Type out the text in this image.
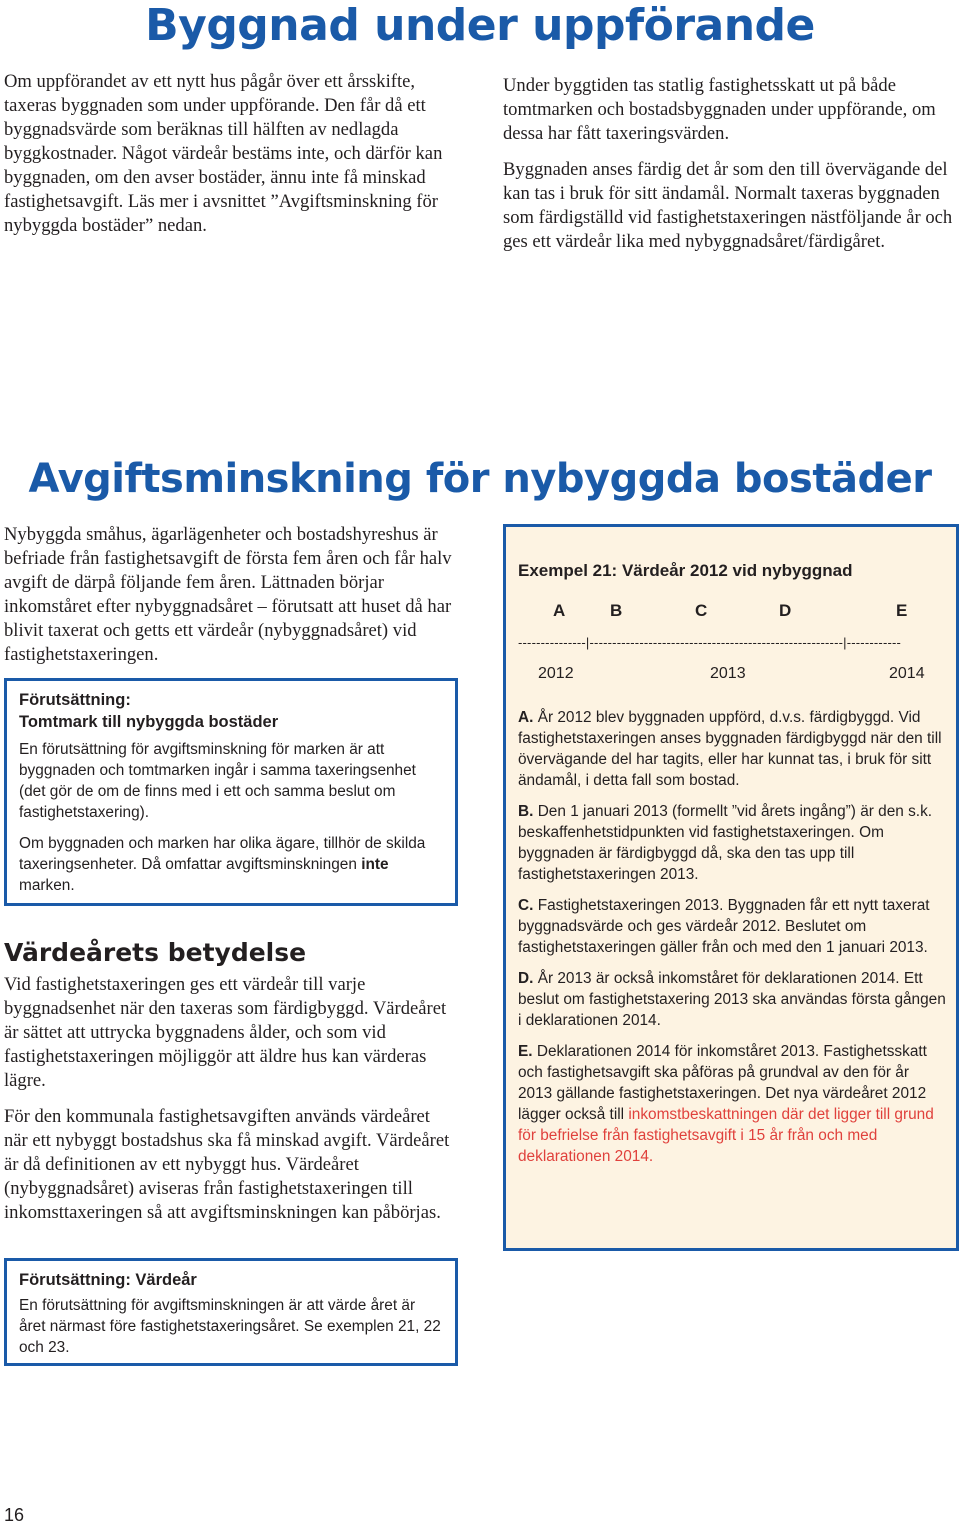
Byggnad under uppförande

Om uppförandet av ett nytt hus pågår över ett årsskifte, taxeras byggnaden som under uppförande. Den får då ett byggnadsvärde som beräknas till hälften av nedlagda byggkostnader. Något värdeår bestäms inte, och därför kan byggnaden, om den avser bostäder, ännu inte få minskad fastighetsavgift. Läs mer i avsnittet ”Avgiftsminskning för nybyggda bostäder” nedan.

Under byggtiden tas statlig fastighetsskatt ut på både tomtmarken och bostadsbyggnaden under uppförande, om dessa har fått taxeringsvärden.

Byggnaden anses färdig det år som den till övervägande del kan tas i bruk för sitt ändamål. Normalt taxeras byggnaden som färdigställd vid fastighetstaxeringen nästföljande år och ges ett värdeår lika med nybyggnadsåret/färdigåret.

Avgiftsminskning för nybyggda bostäder

Nybyggda småhus, ägarlägenheter och bostadshyreshus är befriade från fastighetsavgift de första fem åren och får halv avgift de därpå följande fem åren. Lättnaden börjar inkomståret efter nybyggnadsåret – förutsatt att huset då har blivit taxerat och getts ett värdeår (nybyggnadsåret) vid fastighetstaxeringen.

Förutsättning:
Tomtmark till nybyggda bostäder

En förutsättning för avgiftsminskning för marken är att byggnaden och tomtmarken ingår i samma taxeringsenhet (det gör de om de finns med i ett och samma beslut om fastighetstaxering).

Om byggnaden och marken har olika ägare, tillhör de skilda taxeringsenheter. Då omfattar avgiftsminskningen inte marken.

Värdeårets betydelse

Vid fastighetstaxeringen ges ett värdeår till varje byggnadsenhet när den taxeras som färdigbyggd. Värdeåret är sättet att uttrycka byggnadens ålder, och som vid fastighetstaxeringen möjliggör att äldre hus kan värderas lägre.

För den kommunala fastighetsavgiften används värdeåret när ett nybyggt bostadshus ska få minskad avgift. Värdeåret är då definitionen av ett nybyggt hus. Värdeåret (nybyggnadsåret) aviseras från fastighetstaxeringen till inkomsttaxeringen så att avgiftsminskningen kan påbörjas.

Förutsättning: Värdeår

En förutsättning för avgiftsminskningen är att värde året är året närmast före fastighetstaxeringsåret. Se exemplen 21, 22 och 23.

Exempel 21: Värdeår 2012 vid nybyggnad
A	B	C	D	E
---------------|--------------------------------------------------------|------------
2012	2013	2014

A. År 2012 blev byggnaden uppförd, d.v.s. färdigbyggd. Vid fastighetstaxeringen anses byggnaden färdigbyggd när den till övervägande del har tagits, eller har kunnat tas, i bruk för sitt ändamål, i detta fall som bostad.

B. Den 1 januari 2013 (formellt ”vid årets ingång”) är den s.k. beskaffenhetstidpunkten vid fastighetstaxeringen. Om byggnaden är färdigbyggd då, ska den tas upp till fastighetstaxeringen 2013.

C. Fastighetstaxeringen 2013. Byggnaden får ett nytt taxerat byggnadsvärde och ges värdeår 2012. Beslutet om fastighetstaxeringen gäller från och med den 1 januari 2013.

D. År 2013 är också inkomståret för deklarationen 2014. Ett beslut om fastighetstaxering 2013 ska användas första gången i deklarationen 2014.

E. Deklarationen 2014 för inkomståret 2013. Fastighetsskatt och fastighetsavgift ska påföras på grundval av den för år 2013 gällande fastighetstaxeringen. Det nya värdeåret 2012 lägger också till inkomstbeskattningen där det ligger till grund för befrielse från fastighetsavgift i 15 år från och med deklarationen 2014.

16
